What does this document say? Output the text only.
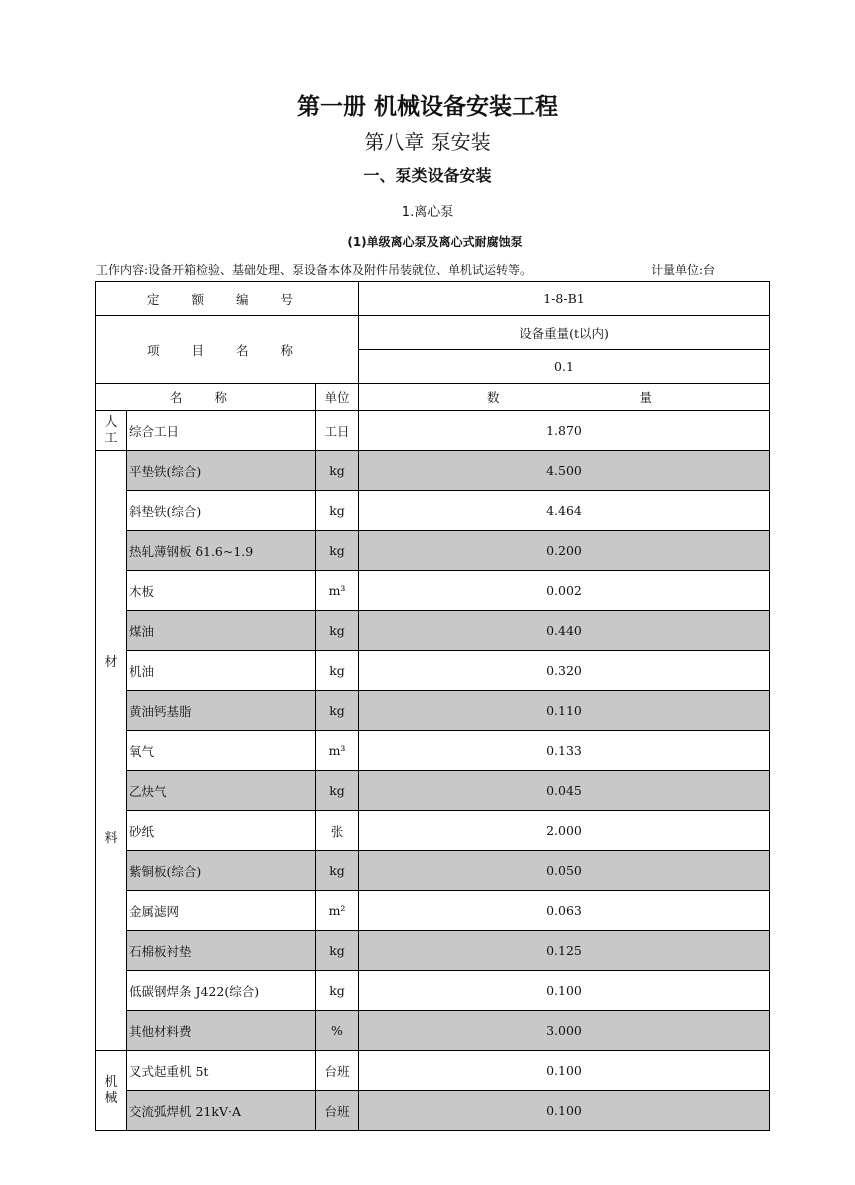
第一册 机械设备安装工程
第八章 泵安装
一、泵类设备安装
1.离心泵
(1)单级离心泵及离心式耐腐蚀泵
工作内容:设备开箱检验、基础处理、泵设备本体及附件吊装就位、单机试运转等。	计量单位:台
定 额 编 号			1-8-B1
项 目 名 称			设备重量(t以内)
			0.1
名 称		单位	数 量

人
工	综合工日	工日	1.870

材
料	平垫铁(综合)	kg	4.500
	斜垫铁(综合)	kg	4.464
	热轧薄钢板 δ1.6~1.9	kg	0.200
	木板	m³	0.002
	煤油	kg	0.440
	机油	kg	0.320
	黄油钙基脂	kg	0.110
	氧气	m³	0.133
	乙炔气	kg	0.045
	砂纸	张	2.000
	紫铜板(综合)	kg	0.050
	金属滤网	m²	0.063
	石棉板衬垫	kg	0.125
	低碳钢焊条 J422(综合)	kg	0.100
	其他材料费	%	3.000

机
械	叉式起重机 5t	台班	0.100
	交流弧焊机 21kV·A	台班	0.100
